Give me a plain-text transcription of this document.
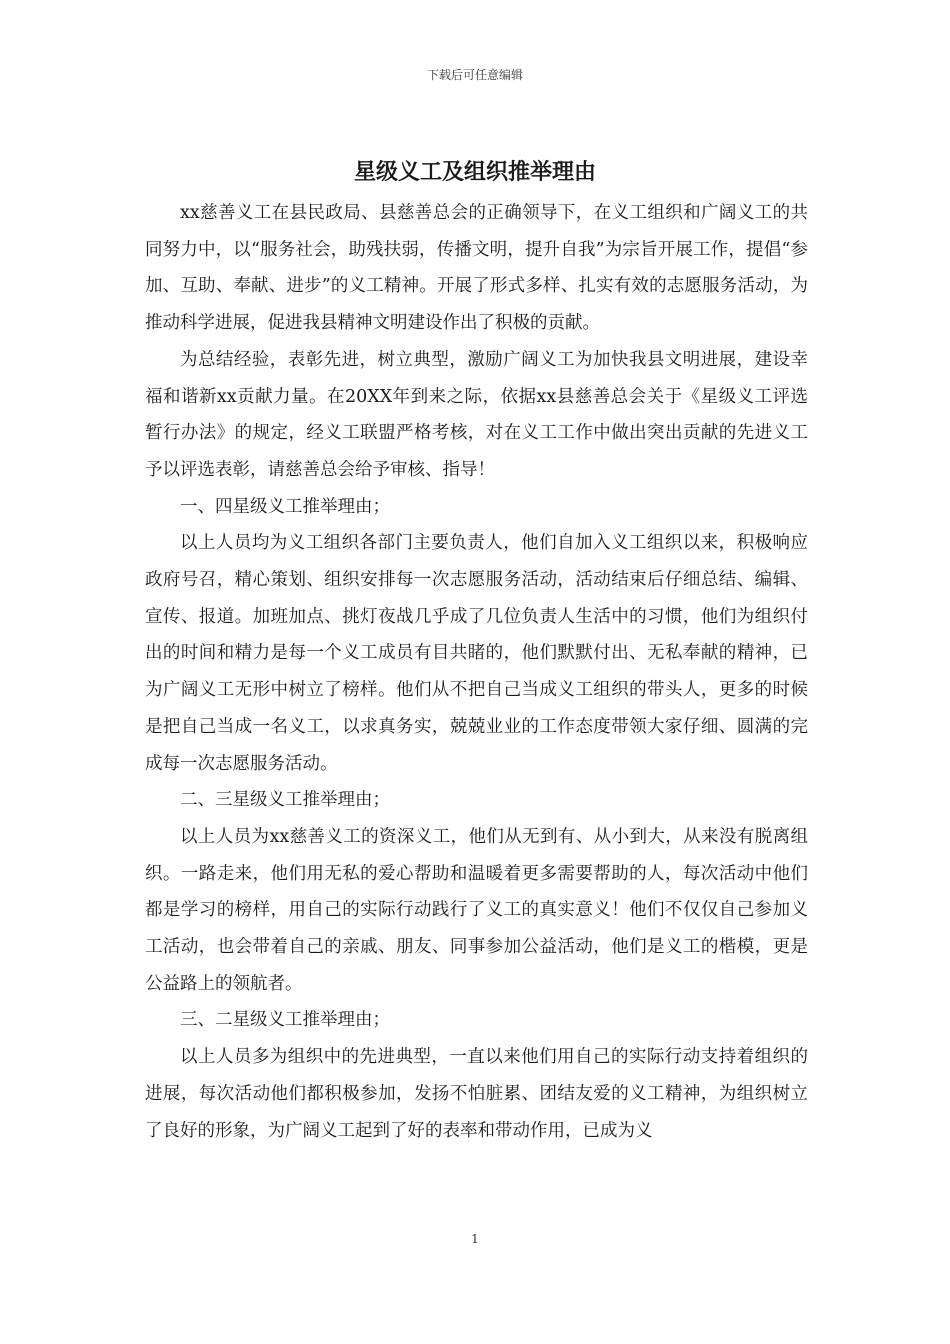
下载后可任意编辑
星级义工及组织推举理由

xx慈善义工在县民政局、县慈善总会的正确领导下，在义工组织和广阔义工的共同努力中，以“服务社会，助残扶弱，传播文明，提升自我”为宗旨开展工作，提倡“参加、互助、奉献、进步”的义工精神。开展了形式多样、扎实有效的志愿服务活动，为推动科学进展，促进我县精神文明建设作出了积极的贡献。

为总结经验，表彰先进，树立典型，激励广阔义工为加快我县文明进展，建设幸福和谐新xx贡献力量。在20XX年到来之际，依据xx县慈善总会关于《星级义工评选暂行办法》的规定，经义工联盟严格考核，对在义工工作中做出突出贡献的先进义工予以评选表彰，请慈善总会给予审核、指导！

一、四星级义工推举理由；

以上人员均为义工组织各部门主要负责人，他们自加入义工组织以来，积极响应政府号召，精心策划、组织安排每一次志愿服务活动，活动结束后仔细总结、编辑、宣传、报道。加班加点、挑灯夜战几乎成了几位负责人生活中的习惯，他们为组织付出的时间和精力是每一个义工成员有目共睹的，他们默默付出、无私奉献的精神，已为广阔义工无形中树立了榜样。他们从不把自己当成义工组织的带头人，更多的时候是把自己当成一名义工，以求真务实，兢兢业业的工作态度带领大家仔细、圆满的完成每一次志愿服务活动。

二、三星级义工推举理由；

以上人员为xx慈善义工的资深义工，他们从无到有、从小到大，从来没有脱离组织。一路走来，他们用无私的爱心帮助和温暖着更多需要帮助的人，每次活动中他们都是学习的榜样，用自己的实际行动践行了义工的真实意义！他们不仅仅自己参加义工活动，也会带着自己的亲戚、朋友、同事参加公益活动，他们是义工的楷模，更是公益路上的领航者。

三、二星级义工推举理由；

以上人员多为组织中的先进典型，一直以来他们用自己的实际行动支持着组织的进展，每次活动他们都积极参加，发扬不怕脏累、团结友爱的义工精神，为组织树立了良好的形象，为广阔义工起到了好的表率和带动作用，已成为义

1
